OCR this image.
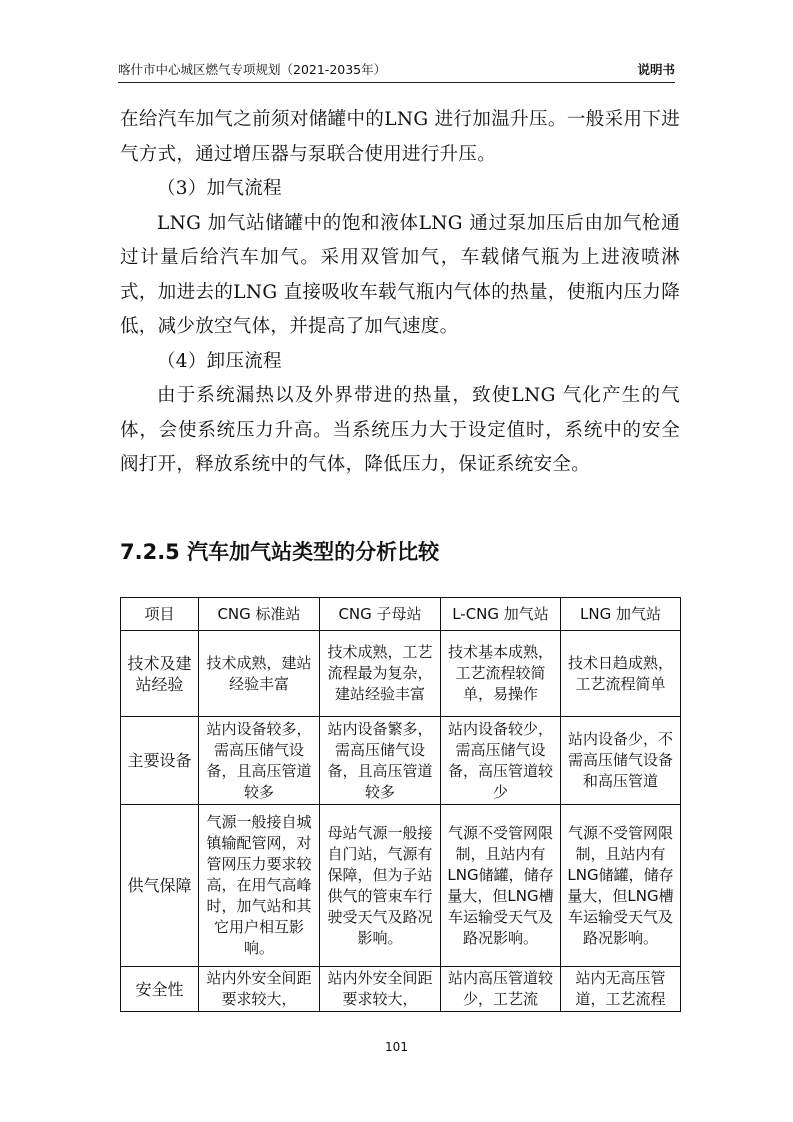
喀什市中心城区燃气专项规划（2021-2035年）	说明书

在给汽车加气之前须对储罐中的LNG 进行加温升压。一般采用下进气方式，通过增压器与泵联合使用进行升压。

（3）加气流程

LNG 加气站储罐中的饱和液体LNG 通过泵加压后由加气枪通过计量后给汽车加气。采用双管加气，车载储气瓶为上进液喷淋式，加进去的LNG 直接吸收车载气瓶内气体的热量，使瓶内压力降低，减少放空气体，并提高了加气速度。

（4）卸压流程

由于系统漏热以及外界带进的热量，致使LNG 气化产生的气体，会使系统压力升高。当系统压力大于设定值时，系统中的安全阀打开，释放系统中的气体，降低压力，保证系统安全。

7.2.5 汽车加气站类型的分析比较
项目	CNG 标准站	CNG 子母站	L-CNG 加气站	LNG 加气站
技术及建站经验	技术成熟，建站经验丰富	技术成熟，工艺流程最为复杂，建站经验丰富	技术基本成熟，工艺流程较简单，易操作	技术日趋成熟，工艺流程简单
主要设备	站内设备较多，需高压储气设备，且高压管道较多	站内设备繁多，需高压储气设备，且高压管道较多	站内设备较少，需高压储气设备，高压管道较少	站内设备少，不需高压储气设备和高压管道
供气保障	气源一般接自城镇输配管网，对管网压力要求较高，在用气高峰时，加气站和其它用户相互影响。	母站气源一般接自门站，气源有保障，但为子站供气的管束车行驶受天气及路况影响。	气源不受管网限制，且站内有LNG储罐，储存量大，但LNG槽车运输受天气及路况影响。	气源不受管网限制，且站内有LNG储罐，储存量大，但LNG槽车运输受天气及路况影响。
安全性	站内外安全间距要求较大，	站内外安全间距要求较大，	站内高压管道较少，工艺流	站内无高压管道，工艺流程
101
